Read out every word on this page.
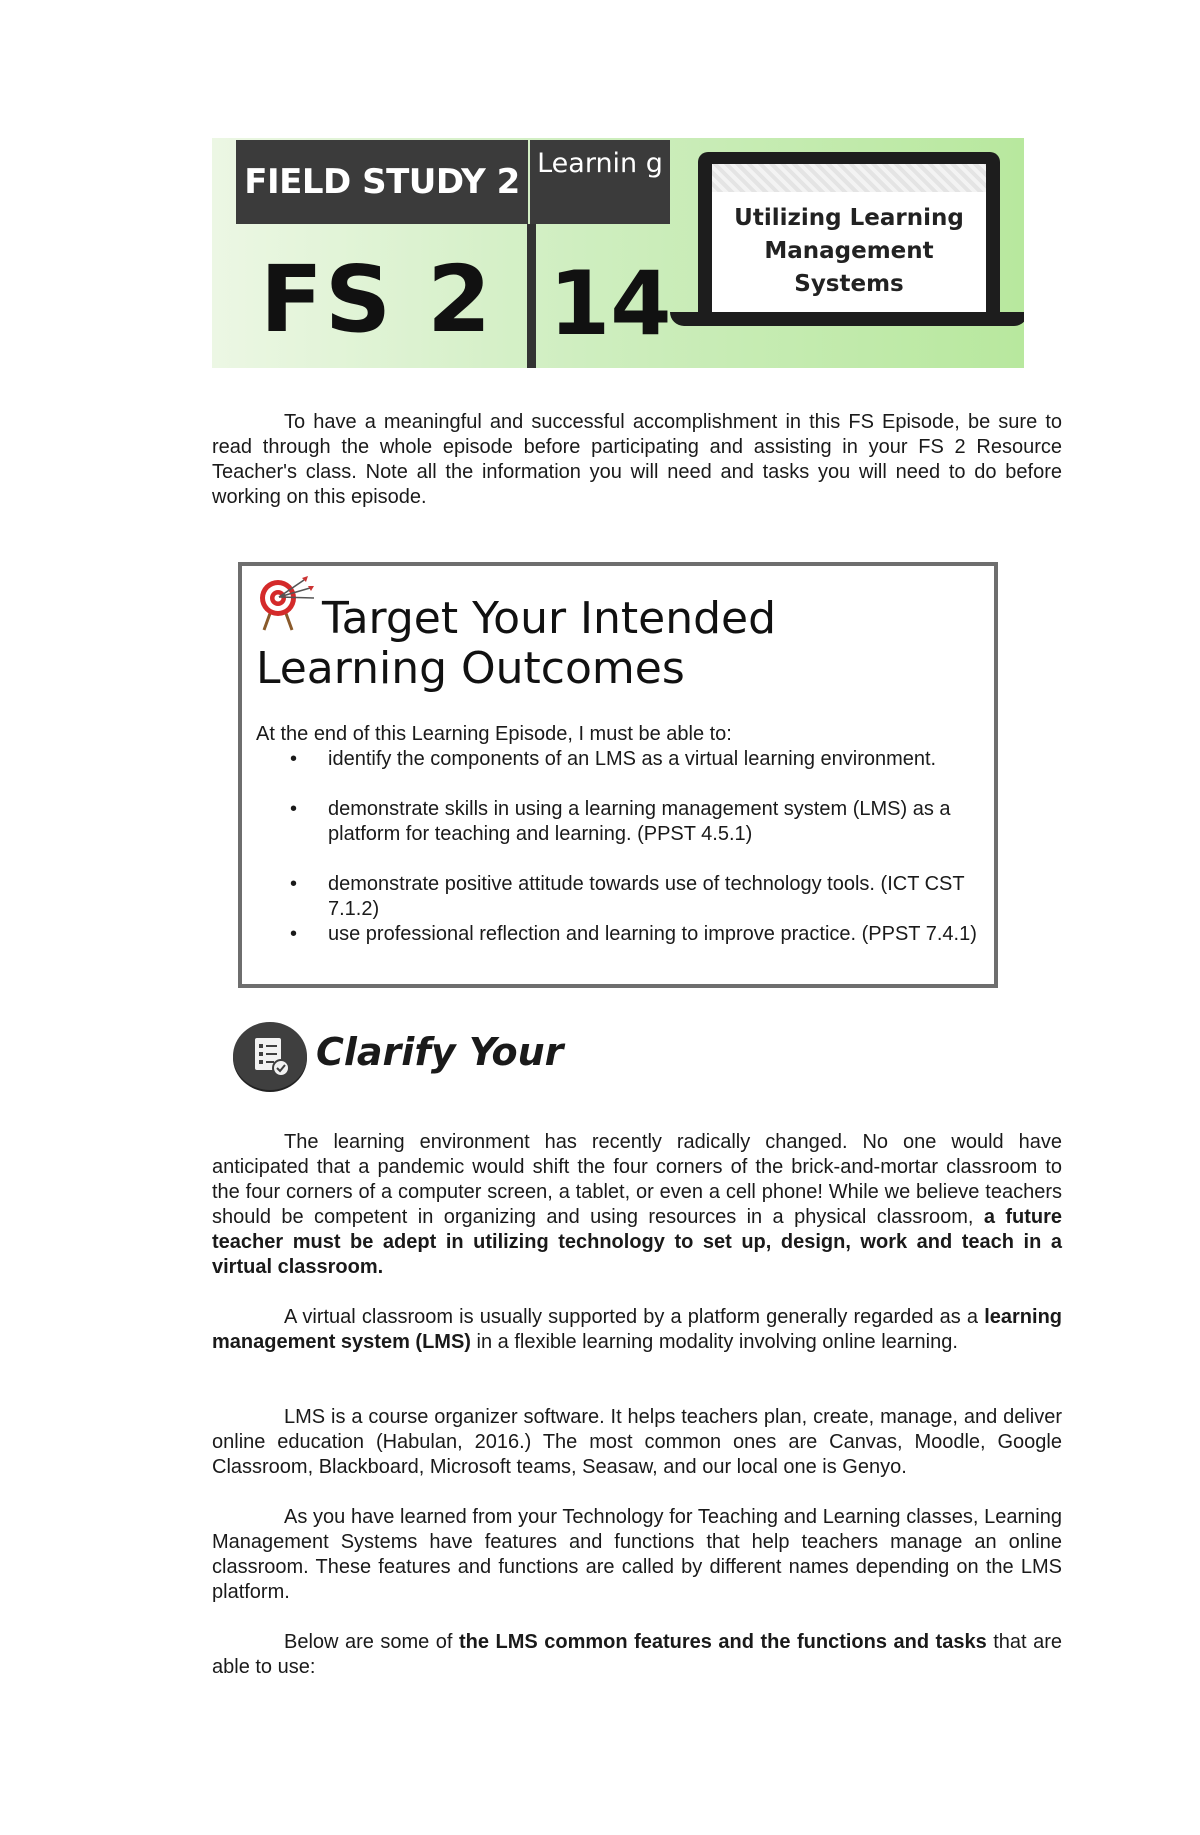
FIELD STUDY 2 Learnin g
FS 2 14
Utilizing Learning Management Systems

To have a meaningful and successful accomplishment in this FS Episode, be sure to read through the whole episode before participating and assisting in your FS 2 Resource Teacher's class. Note all the information you will need and tasks you will need to do before working on this episode.

Target Your Intended
Learning Outcomes
At the end of this Learning Episode, I must be able to:
• identify the components of an LMS as a virtual learning environment.
• demonstrate skills in using a learning management system (LMS) as a platform for teaching and learning. (PPST 4.5.1)
• demonstrate positive attitude towards use of technology tools. (ICT CST 7.1.2)
• use professional reflection and learning to improve practice. (PPST 7.4.1)
Clarify Your

The learning environment has recently radically changed. No one would have anticipated that a pandemic would shift the four corners of the brick-and-mortar classroom to the four corners of a computer screen, a tablet, or even a cell phone! While we believe teachers should be competent in organizing and using resources in a physical classroom, a future teacher must be adept in utilizing technology to set up, design, work and teach in a virtual classroom.

A virtual classroom is usually supported by a platform generally regarded as a learning management system (LMS) in a flexible learning modality involving online learning.

LMS is a course organizer software. It helps teachers plan, create, manage, and deliver online education (Habulan, 2016.) The most common ones are Canvas, Moodle, Google Classroom, Blackboard, Microsoft teams, Seasaw, and our local one is Genyo.

As you have learned from your Technology for Teaching and Learning classes, Learning Management Systems have features and functions that help teachers manage an online classroom. These features and functions are called by different names depending on the LMS platform.

Below are some of the LMS common features and the functions and tasks that are able to use:
